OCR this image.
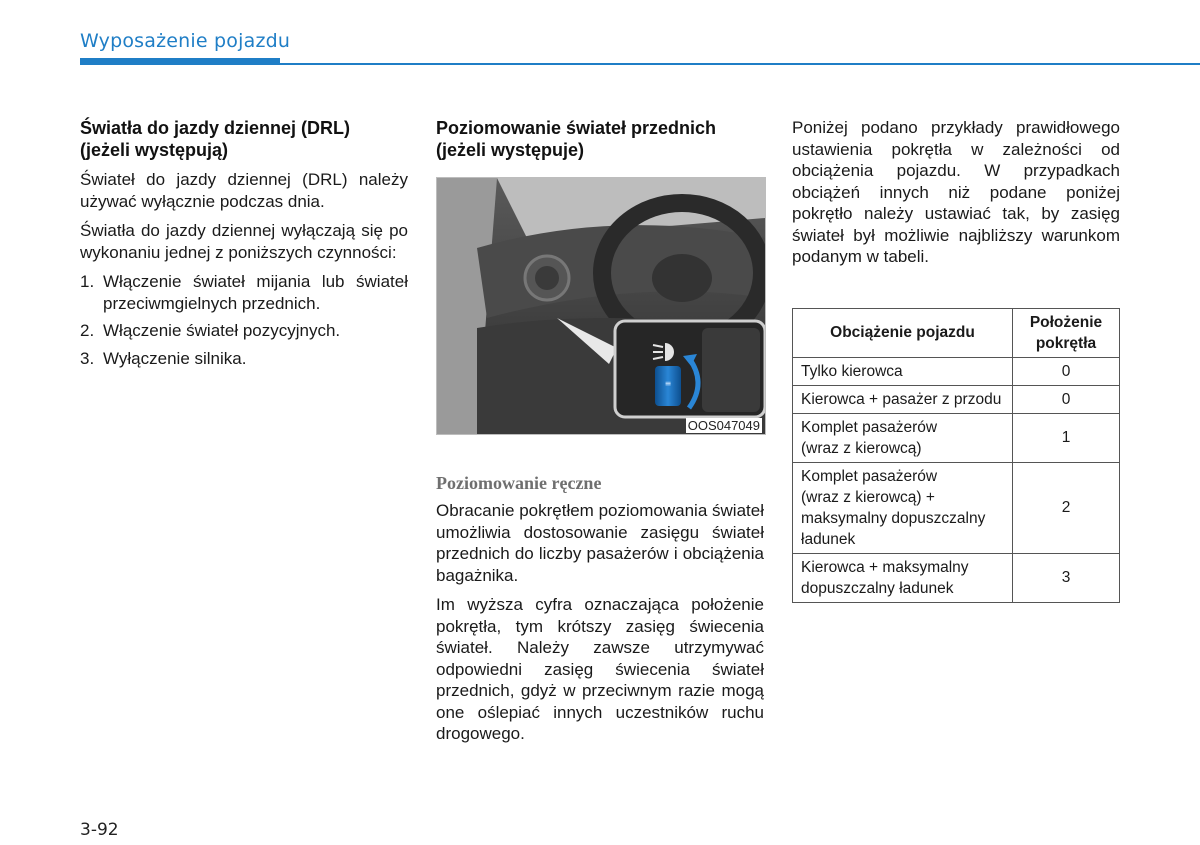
Wyposażenie pojazdu
Światła do jazdy dziennej (DRL)
(jeżeli występują)

Świateł do jazdy dziennej (DRL) należy używać wyłącznie podczas dnia.

Światła do jazdy dziennej wyłączają się po wykonaniu jednej z poniższych czynności:

1. Włączenie świateł mijania lub świateł przeciwmgielnych przednich.
2. Włączenie świateł pozycyjnych.
3. Wyłączenie silnika.
Poziomowanie świateł przednich
(jeżeli występuje)
≡
Poziomowanie ręczne

Obracanie pokrętłem poziomowania świateł umożliwia dostosowanie zasięgu świateł przednich do liczby pasażerów i obciążenia bagażnika.

Im wyższa cyfra oznaczająca położenie pokrętła, tym krótszy zasięg świecenia świateł. Należy zawsze utrzymywać odpowiedni zasięg świecenia świateł przednich, gdyż w przeciwnym razie mogą one oślepiać innych uczestników ruchu drogowego.

OOS047049

Poniżej podano przykłady prawidłowego ustawienia pokrętła w zależności od obciążenia pojazdu. W przypadkach obciążeń innych niż podane poniżej pokrętło należy ustawiać tak, by zasięg świateł był możliwie najbliższy warunkom podanym w tabeli.

Obciążenie pojazdu	Położenie
pokrętła
Tylko kierowca	0
Kierowca + pasażer z przodu	0
Komplet pasażerów
(wraz z kierowcą)	1
Komplet pasażerów
(wraz z kierowcą) +
maksymalny dopuszczalny
ładunek	2
Kierowca + maksymalny
dopuszczalny ładunek	3
3-92
